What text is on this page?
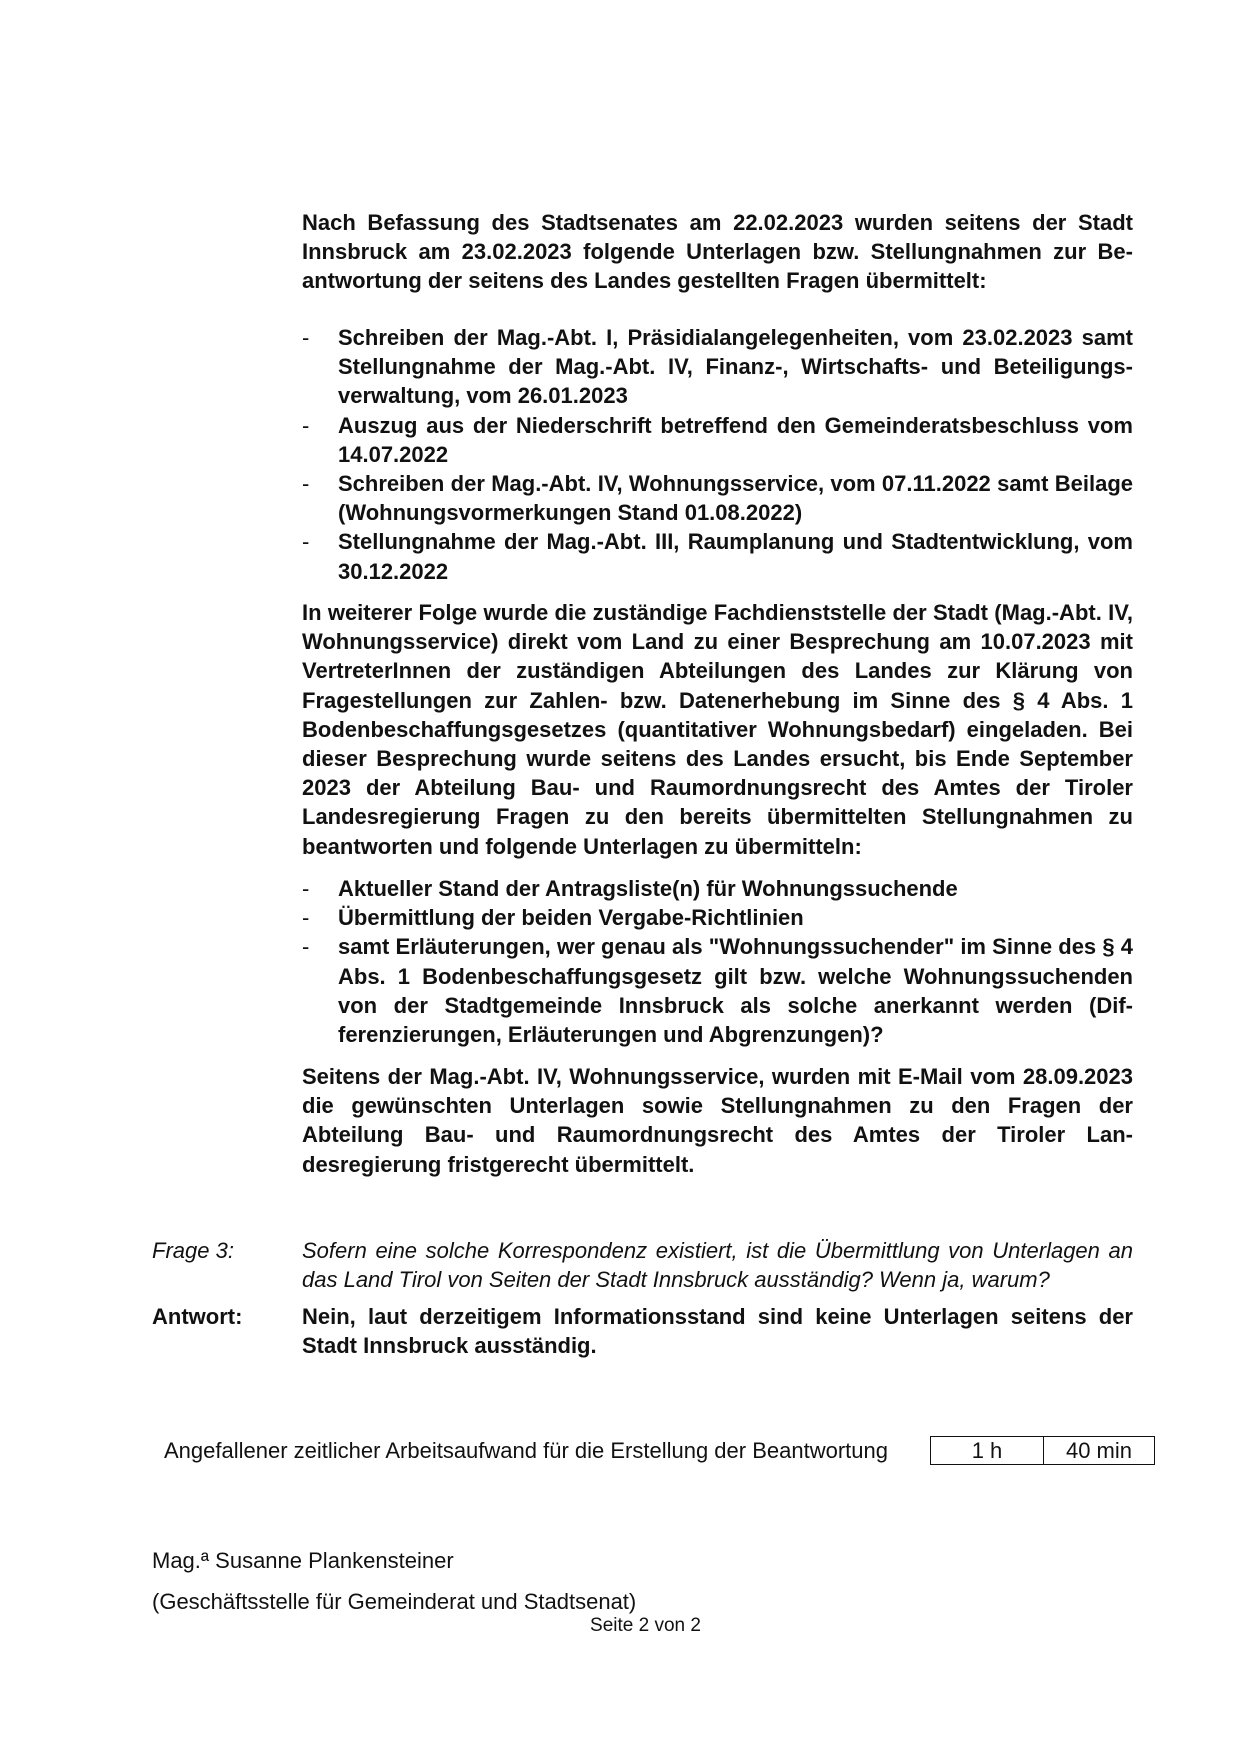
Nach Befassung des Stadtsenates am 22.02.2023 wurden seitens der Stadt Innsbruck am 23.02.2023 folgende Unterlagen bzw. Stellungnahmen zur Beantwortung der seitens des Landes gestellten Fragen übermittelt:

- Schreiben der Mag.-Abt. I, Präsidialangelegenheiten, vom 23.02.2023 samt Stellungnahme der Mag.-Abt. IV, Finanz-, Wirtschafts- und Beteiligungsverwaltung, vom 26.01.2023
- Auszug aus der Niederschrift betreffend den Gemeinderatsbeschluss vom 14.07.2022
- Schreiben der Mag.-Abt. IV, Wohnungsservice, vom 07.11.2022 samt Beilage (Wohnungsvormerkungen Stand 01.08.2022)
- Stellungnahme der Mag.-Abt. III, Raumplanung und Stadtentwicklung, vom 30.12.2022

In weiterer Folge wurde die zuständige Fachdienststelle der Stadt (Mag.-Abt. IV, Wohnungsservice) direkt vom Land zu einer Besprechung am 10.07.2023 mit VertreterInnen der zuständigen Abteilungen des Landes zur Klärung von Fragestellungen zur Zahlen- bzw. Datenerhebung im Sinne des § 4 Abs. 1 Bodenbeschaffungsgesetzes (quantitativer Wohnungsbedarf) eingeladen. Bei dieser Besprechung wurde seitens des Landes ersucht, bis Ende September 2023 der Abteilung Bau- und Raumordnungsrecht des Amtes der Tiroler Landesregierung Fragen zu den bereits übermittelten Stellungnahmen zu beantworten und folgende Unterlagen zu übermitteln:

- Aktueller Stand der Antragsliste(n) für Wohnungssuchende
- Übermittlung der beiden Vergabe-Richtlinien
- samt Erläuterungen, wer genau als "Wohnungssuchender" im Sinne des § 4 Abs. 1 Bodenbeschaffungsgesetz gilt bzw. welche Wohnungssuchenden von der Stadtgemeinde Innsbruck als solche anerkannt werden (Differenzierungen, Erläuterungen und Abgrenzungen)?

Seitens der Mag.-Abt. IV, Wohnungsservice, wurden mit E-Mail vom 28.09.2023 die gewünschten Unterlagen sowie Stellungnahmen zu den Fragen der Abteilung Bau- und Raumordnungsrecht des Amtes der Tiroler Landesregierung fristgerecht übermittelt.

Frage 3:	Sofern eine solche Korrespondenz existiert, ist die Übermittlung von Unterlagen an das Land Tirol von Seiten der Stadt Innsbruck ausständig? Wenn ja, warum?
Antwort:	Nein, laut derzeitigem Informationsstand sind keine Unterlagen seitens der Stadt Innsbruck ausständig.
Angefallener zeitlicher Arbeitsaufwand für die Erstellung der Beantwortung	1 h	40 min
Mag.ª Susanne Plankensteiner
(Geschäftsstelle für Gemeinderat und Stadtsenat)
Seite 2 von 2
